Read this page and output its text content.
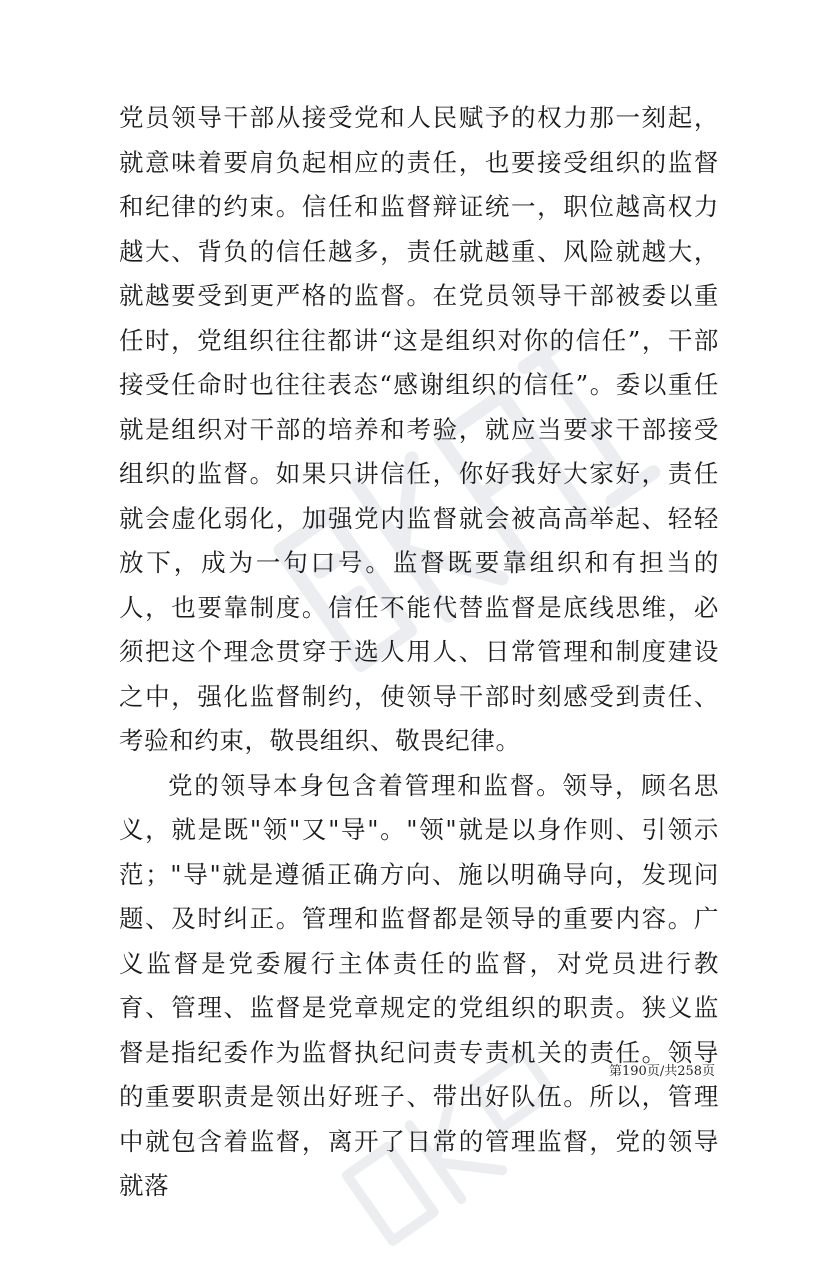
党员领导干部从接受党和人民赋予的权力那一刻起，就意味着要肩负起相应的责任，也要接受组织的监督和纪律的约束。信任和监督辩证统一，职位越高权力越大、背负的信任越多，责任就越重、风险就越大，就越要受到更严格的监督。在党员领导干部被委以重任时，党组织往往都讲“这是组织对你的信任”，干部接受任命时也往往表态“感谢组织的信任”。委以重任就是组织对干部的培养和考验，就应当要求干部接受组织的监督。如果只讲信任，你好我好大家好，责任就会虚化弱化，加强党内监督就会被高高举起、轻轻放下，成为一句口号。监督既要靠组织和有担当的人，也要靠制度。信任不能代替监督是底线思维，必须把这个理念贯穿于选人用人、日常管理和制度建设之中，强化监督制约，使领导干部时刻感受到责任、考验和约束，敬畏组织、敬畏纪律。

党的领导本身包含着管理和监督。领导，顾名思义，就是既"领"又"导"。"领"就是以身作则、引领示范；"导"就是遵循正确方向、施以明确导向，发现问题、及时纠正。管理和监督都是领导的重要内容。广义监督是党委履行主体责任的监督，对党员进行教育、管理、监督是党章规定的党组织的职责。狭义监督是指纪委作为监督执纪问责专责机关的责任。领导的重要职责是领出好班子、带出好队伍。所以，管理中就包含着监督，离开了日常的管理监督，党的领导就落

第190页/共258页
